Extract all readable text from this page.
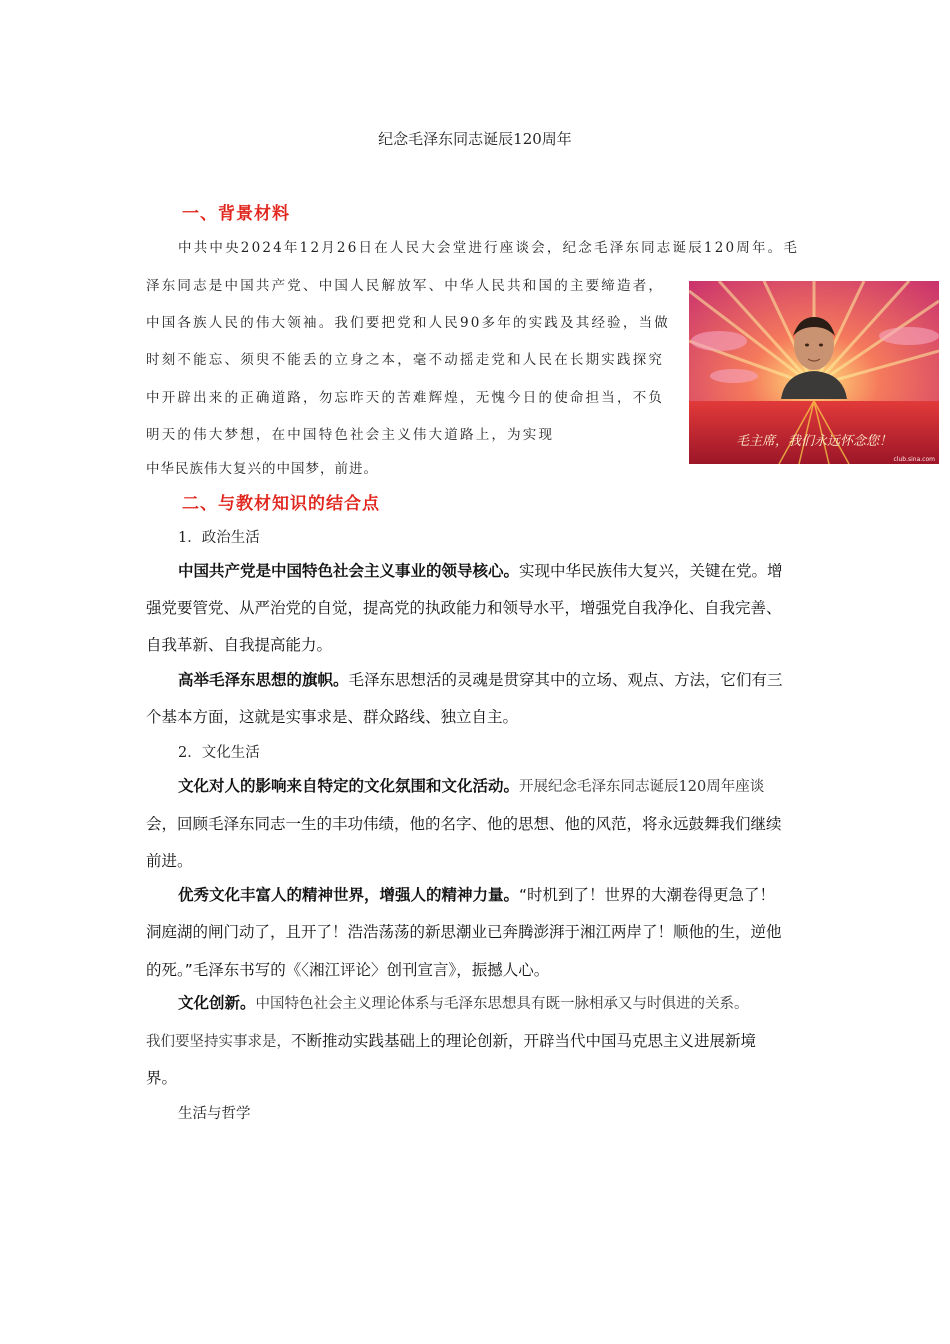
纪念毛泽东同志诞辰120周年
一、背景材料
中共中央2024年12月26日在人民大会堂进行座谈会，纪念毛泽东同志诞辰120周年。毛
泽东同志是中国共产党、中国人民解放军、中华人民共和国的主要缔造者，
中国各族人民的伟大领袖。我们要把党和人民90多年的实践及其经验，当做
时刻不能忘、须臾不能丢的立身之本，毫不动摇走党和人民在长期实践探究
中开辟出来的正确道路，勿忘昨天的苦难辉煌，无愧今日的使命担当，不负
明天的伟大梦想，在中国特色社会主义伟大道路上，为实现
中华民族伟大复兴的中国梦，前进。
毛主席，我们永远怀念您！
club.sina.com
二、与教材知识的结合点
1．政治生活
中国共产党是中国特色社会主义事业的领导核心。实现中华民族伟大复兴，关键在党。增
强党要管党、从严治党的自觉，提高党的执政能力和领导水平，增强党自我净化、自我完善、
自我革新、自我提高能力。
高举毛泽东思想的旗帜。毛泽东思想活的灵魂是贯穿其中的立场、观点、方法，它们有三
个基本方面，这就是实事求是、群众路线、独立自主。
2．文化生活
文化对人的影响来自特定的文化氛围和文化活动。开展纪念毛泽东同志诞辰120周年座谈
会，回顾毛泽东同志一生的丰功伟绩，他的名字、他的思想、他的风范，将永远鼓舞我们继续
前进。
优秀文化丰富人的精神世界，增强人的精神力量。“时机到了！世界的大潮卷得更急了！
洞庭湖的闸门动了，且开了！浩浩荡荡的新思潮业已奔腾澎湃于湘江两岸了！顺他的生，逆他
的死。”毛泽东书写的《〈湘江评论〉创刊宣言》，振撼人心。
文化创新。中国特色社会主义理论体系与毛泽东思想具有既一脉相承又与时俱进的关系。
我们要坚持实事求是，不断推动实践基础上的理论创新，开辟当代中国马克思主义进展新境
界。
生活与哲学
